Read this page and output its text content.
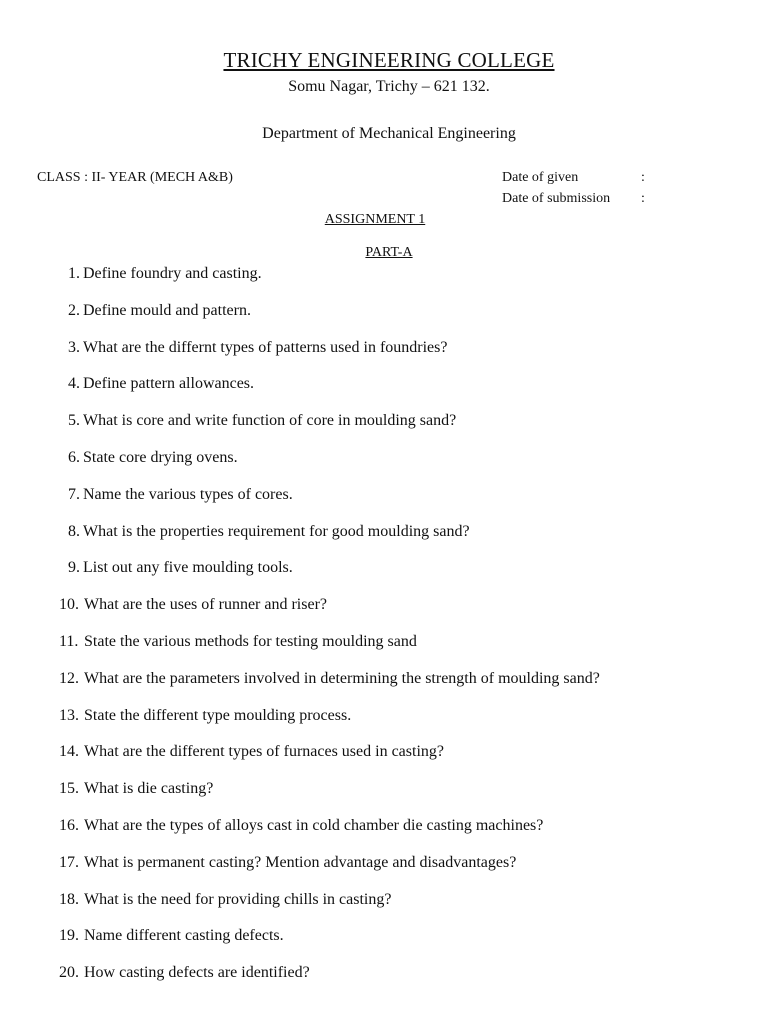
TRICHY ENGINEERING COLLEGE
Somu Nagar, Trichy – 621 132.
Department of Mechanical Engineering
CLASS : II- YEAR (MECH A&B)	Date of given	:
Date of submission :
ASSIGNMENT 1
PART-A
1. Define foundry and casting.
2. Define mould and pattern.
3. What are the differnt types of patterns used in foundries?
4. Define pattern allowances.
5. What is core and write function of core in moulding sand?
6. State core drying ovens.
7. Name the various types of cores.
8. What is the properties requirement for good moulding sand?
9. List out any five moulding tools.
10. What are the uses of runner and riser?
11. State the various methods for testing moulding sand
12. What are the parameters involved in determining the strength of moulding sand?
13. State the different type moulding process.
14. What are the different types of furnaces used in casting?
15. What is die casting?
16. What are the types of alloys cast in cold chamber die casting machines?
17. What is permanent casting? Mention advantage and disadvantages?
18. What is the need for providing chills in casting?
19. Name different casting defects.
20. How casting defects are identified?
